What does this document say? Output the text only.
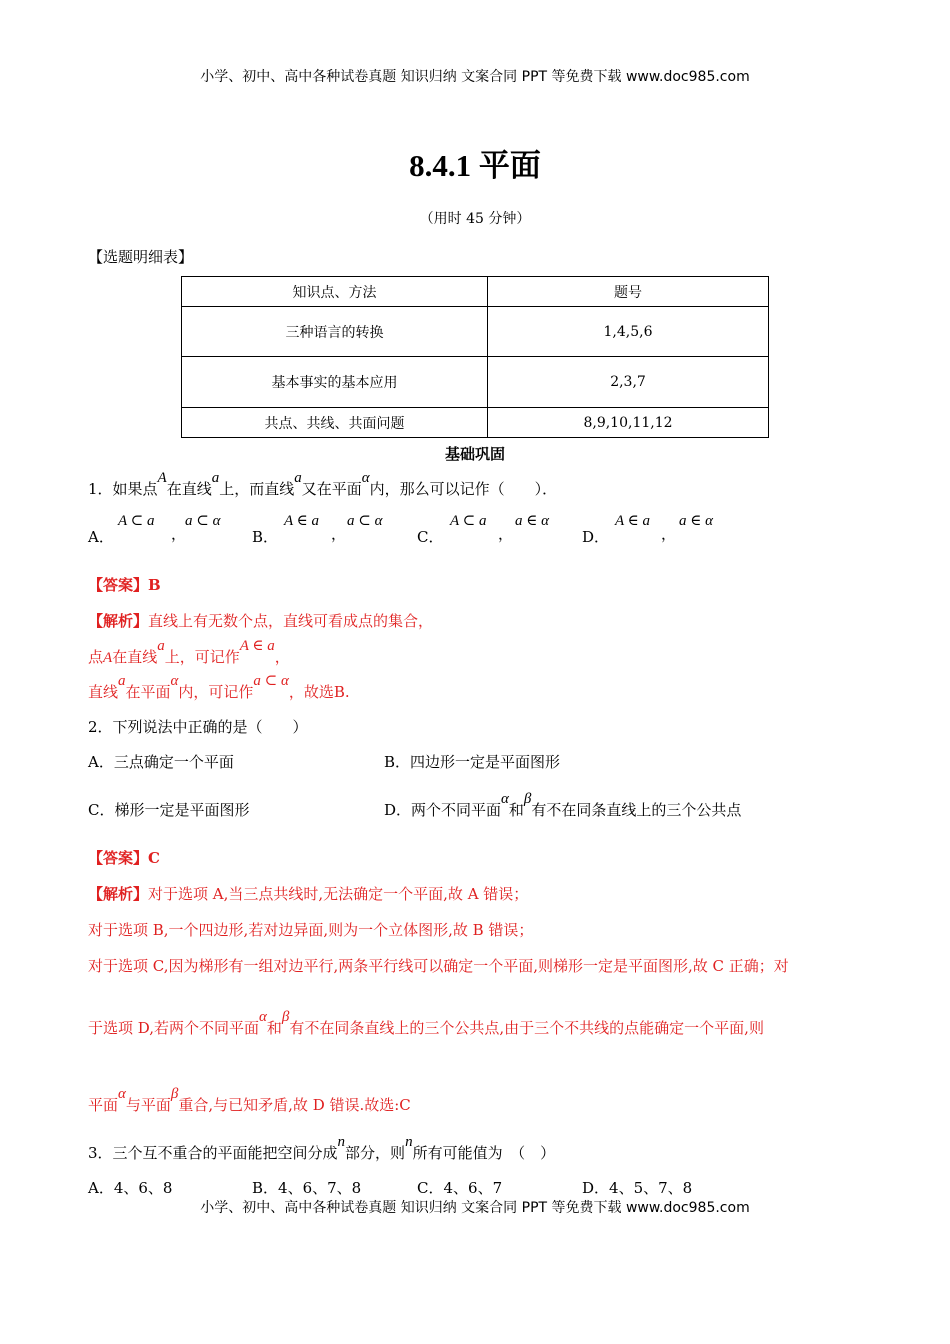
小学、初中、高中各种试卷真题 知识归纳 文案合同 PPT 等免费下载 www.doc985.com
8.4.1 平面
（用时 45 分钟）
【选题明细表】
知识点、方法	题号
三种语言的转换	1,4,5,6
基本事实的基本应用	2,3,7
共点、共线、共面问题	8,9,10,11,12
基础巩固
1．如果点A在直线a上，而直线a又在平面α内，那么可以记作（　　）．
A．
A ⊂ a
，
a ⊂ α
B．
A ∈ a
，
a ⊂ α
C．
A ⊂ a
，
a ∈ α
D．
A ∈ a
，
a ∈ α
【答案】B
【解析】直线上有无数个点，直线可看成点的集合，
点A在直线a上，可记作A ∈ a，
直线a在平面α内，可记作a ⊂ α，故选B.
2．下列说法中正确的是（　　）
A．三点确定一个平面	B．四边形一定是平面图形
C．梯形一定是平面图形	D．两个不同平面α和β有不在同条直线上的三个公共点
【答案】C
【解析】对于选项 A,当三点共线时,无法确定一个平面,故 A 错误；
对于选项 B,一个四边形,若对边异面,则为一个立体图形,故 B 错误；
对于选项 C,因为梯形有一组对边平行,两条平行线可以确定一个平面,则梯形一定是平面图形,故 C 正确；对
于选项 D,若两个不同平面α和β有不在同条直线上的三个公共点,由于三个不共线的点能确定一个平面,则
平面α与平面β重合,与已知矛盾,故 D 错误.故选:C
3．三个互不重合的平面能把空间分成n部分，则n所有可能值为　（　）
A．4、6、8	B．4、6、7、8	C．4、6、7	D．4、5、7、8
小学、初中、高中各种试卷真题 知识归纳 文案合同 PPT 等免费下载 www.doc985.com
